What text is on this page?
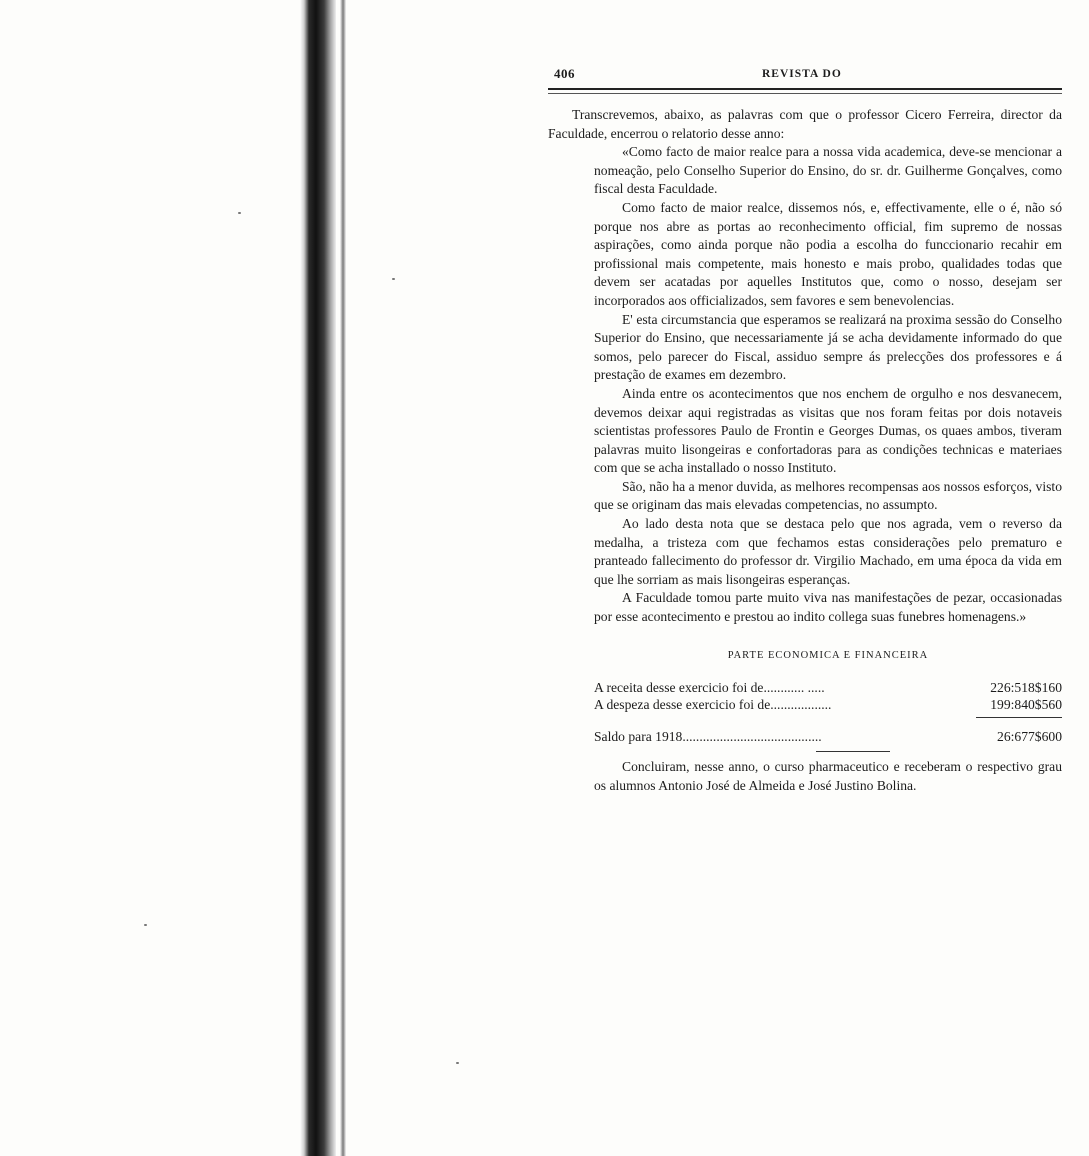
406	REVISTA DO

Transcrevemos, abaixo, as palavras com que o professor Cicero Ferreira, director da Faculdade, encerrou o relatorio desse anno:

«Como facto de maior realce para a nossa vida academica, deve-se mencionar a nomeação, pelo Conselho Superior do Ensino, do sr. dr. Guilherme Gonçalves, como fiscal desta Faculdade.

Como facto de maior realce, dissemos nós, e, effectivamente, elle o é, não só porque nos abre as portas ao reconhecimento official, fim supremo de nossas aspirações, como ainda porque não podia a escolha do funccionario recahir em profissional mais competente, mais honesto e mais probo, qualidades todas que devem ser acatadas por aquelles Institutos que, como o nosso, desejam ser incorporados aos officializados, sem favores e sem benevolencias.

E' esta circumstancia que esperamos se realizará na proxima sessão do Conselho Superior do Ensino, que necessariamente já se acha devidamente informado do que somos, pelo parecer do Fiscal, assiduo sempre ás prelecções dos professores e á prestação de exames em dezembro.

Ainda entre os acontecimentos que nos enchem de orgulho e nos desvanecem, devemos deixar aqui registradas as visitas que nos foram feitas por dois notaveis scientistas professores Paulo de Frontin e Georges Dumas, os quaes ambos, tiveram palavras muito lisongeiras e confortadoras para as condições technicas e materiaes com que se acha installado o nosso Instituto.

São, não ha a menor duvida, as melhores recompensas aos nossos esforços, visto que se originam das mais elevadas competencias, no assumpto.

Ao lado desta nota que se destaca pelo que nos agrada, vem o reverso da medalha, a tristeza com que fechamos estas considerações pelo prematuro e pranteado fallecimento do professor dr. Virgilio Machado, em uma época da vida em que lhe sorriam as mais lisongeiras esperanças.

A Faculdade tomou parte muito viva nas manifestações de pezar, occasionadas por esse acontecimento e prestou ao indito collega suas funebres homenagens.»

PARTE ECONOMICA E FINANCEIRA
A receita desse exercicio foi de............ .....	226:518$160
A despeza desse exercicio foi de..................	199:840$560
Saldo para 1918.........................................	26:677$600

Concluiram, nesse anno, o curso pharmaceutico e receberam o respectivo grau os alumnos Antonio José de Almeida e José Justino Bolina.
